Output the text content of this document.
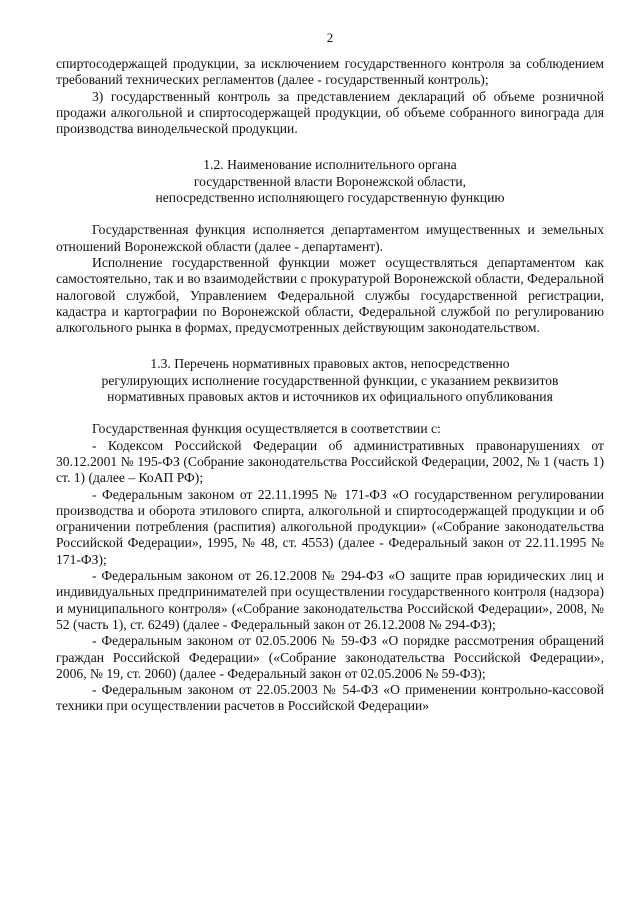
2

спиртосодержащей продукции, за исключением государственного контроля за соблюдением требований технических регламентов (далее - государственный контроль);

3) государственный контроль за представлением деклараций об объеме розничной продажи алкогольной и спиртосодержащей продукции, об объеме собранного винограда для производства винодельческой продукции.

1.2. Наименование исполнительного органа

государственной власти Воронежской области,

непосредственно исполняющего государственную функцию

Государственная функция исполняется департаментом имущественных и земельных отношений Воронежской области (далее - департамент).

Исполнение государственной функции может осуществляться департаментом как самостоятельно, так и во взаимодействии с прокуратурой Воронежской области, Федеральной налоговой службой, Управлением Федеральной службы государственной регистрации, кадастра и картографии по Воронежской области, Федеральной службой по регулированию алкогольного рынка в формах, предусмотренных действующим законодательством.

1.3. Перечень нормативных правовых актов, непосредственно

регулирующих исполнение государственной функции, с указанием реквизитов

нормативных правовых актов и источников их официального опубликования

Государственная функция осуществляется в соответствии с:

- Кодексом Российской Федерации об административных правонарушениях от 30.12.2001 № 195-ФЗ (Собрание законодательства Российской Федерации, 2002, № 1 (часть 1) ст. 1) (далее – КоАП РФ);

- Федеральным законом от 22.11.1995 № 171-ФЗ «О государственном регулировании производства и оборота этилового спирта, алкогольной и спиртосодержащей продукции и об ограничении потребления (распития) алкогольной продукции» («Собрание законодательства Российской Федерации», 1995, № 48, ст. 4553) (далее - Федеральный закон от 22.11.1995 № 171-ФЗ);

- Федеральным законом от 26.12.2008 № 294-ФЗ «О защите прав юридических лиц и индивидуальных предпринимателей при осуществлении государственного контроля (надзора) и муниципального контроля» («Собрание законодательства Российской Федерации», 2008, № 52 (часть 1), ст. 6249) (далее - Федеральный закон от 26.12.2008 № 294-ФЗ);

- Федеральным законом от 02.05.2006 № 59-ФЗ «О порядке рассмотрения обращений граждан Российской Федерации» («Собрание законодательства Российской Федерации», 2006, № 19, ст. 2060) (далее - Федеральный закон от 02.05.2006 № 59-ФЗ);

- Федеральным законом от 22.05.2003 № 54-ФЗ «О применении контрольно-кассовой техники при осуществлении расчетов в Российской Федерации»
